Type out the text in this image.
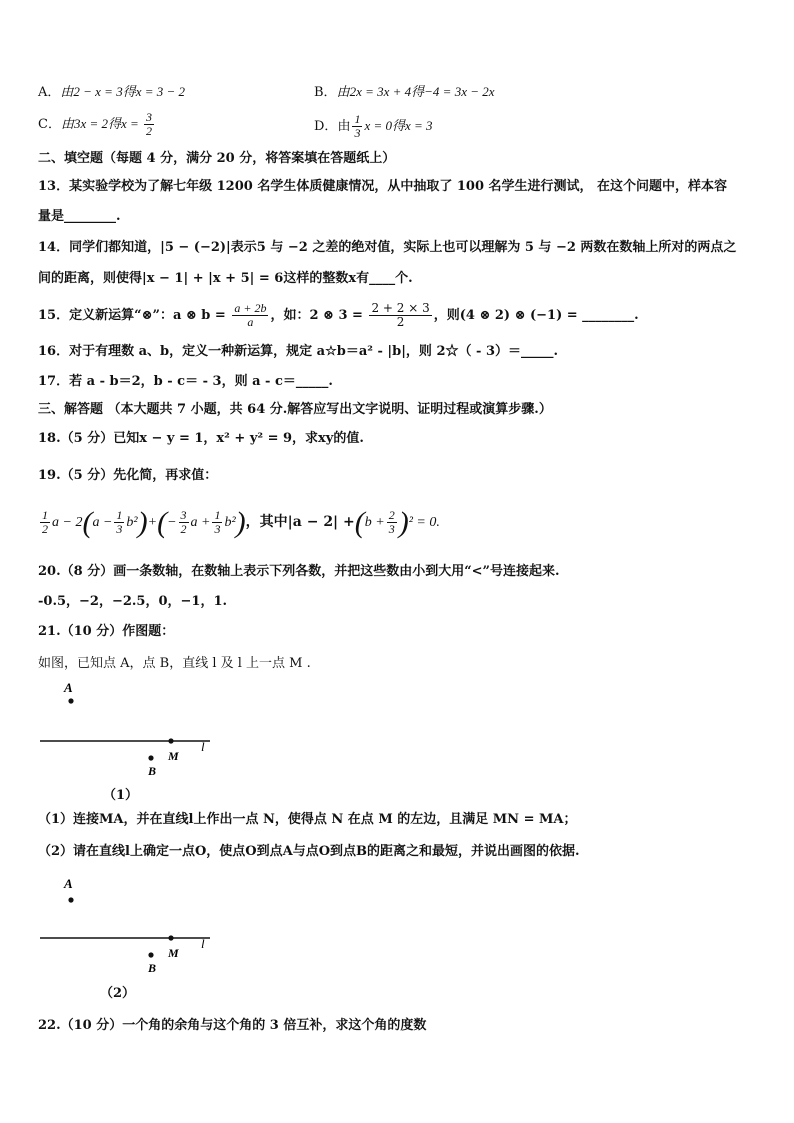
A．由2 − x = 3得x = 3 − 2	B．由2x = 3x + 4得−4 = 3x − 2x
C．由3x = 2得$x = \frac{3}{2}$	D．由 $\frac{1}{3}$ x = 0得x = 3
二、填空题（每题 4 分，满分 20 分，将答案填在答题纸上）
13．某实验学校为了解七年级 1200 名学生体质健康情况，从中抽取了 100 名学生进行测试， 在这个问题中，样本容
量是________.
14．同学们都知道，|5 − (−2)|表示5 与 −2 之差的绝对值，实际上也可以理解为 5 与 −2 两数在数轴上所对的两点之
间的距离，则使得|x − 1| + |x + 5| = 6这样的整数x有____个.
15．定义新运算“⊗”：a ⊗ $b = \frac{a + 2b}{a}$ ，如：2 ⊗ $3 = \frac{2 + 2 \times 3}{2}$ ，则(4 ⊗ 2) ⊗ (−1) = ________.
16．对于有理数 a、b，定义一种新运算，规定 a☆b＝a² - |b|，则 2☆（ - 3）＝_____.
17．若 a - b＝2，b - c＝ - 3，则 a - c＝_____.
三、解答题 （本大题共 7 小题，共 64 分.解答应写出文字说明、证明过程或演算步骤.）
18.（5 分）已知x − y = 1，x² + y² = 9，求xy的值.
19.（5 分）先化简，再求值：
$\frac{1}{2}$ $a - 2(a - \frac{1}{3} b^2)+(- \frac{3}{2}$ $a + \frac{1}{3} b^2$)，其中$|a - 2| +(b + \frac{2}{3} )^2 = 0$.
20.（8 分）画一条数轴，在数轴上表示下列各数，并把这些数由小到大用“<”号连接起来.
-0.5，−2，−2.5，0，−1，1.
21.（10 分）作图题：
如图，已知点 A，点 B，直线 l 及 l 上一点 M .
A
M
l
B
（1）
（1）连接MA，并在直线l上作出一点 N，使得点 N 在点 M 的左边，且满足 MN = MA；
（2）请在直线l上确定一点O，使点O到点A与点O到点B的距离之和最短，并说出画图的依据.
A
M
l
B
（2）
22.（10 分）一个角的余角与这个角的 3 倍互补，求这个角的度数
